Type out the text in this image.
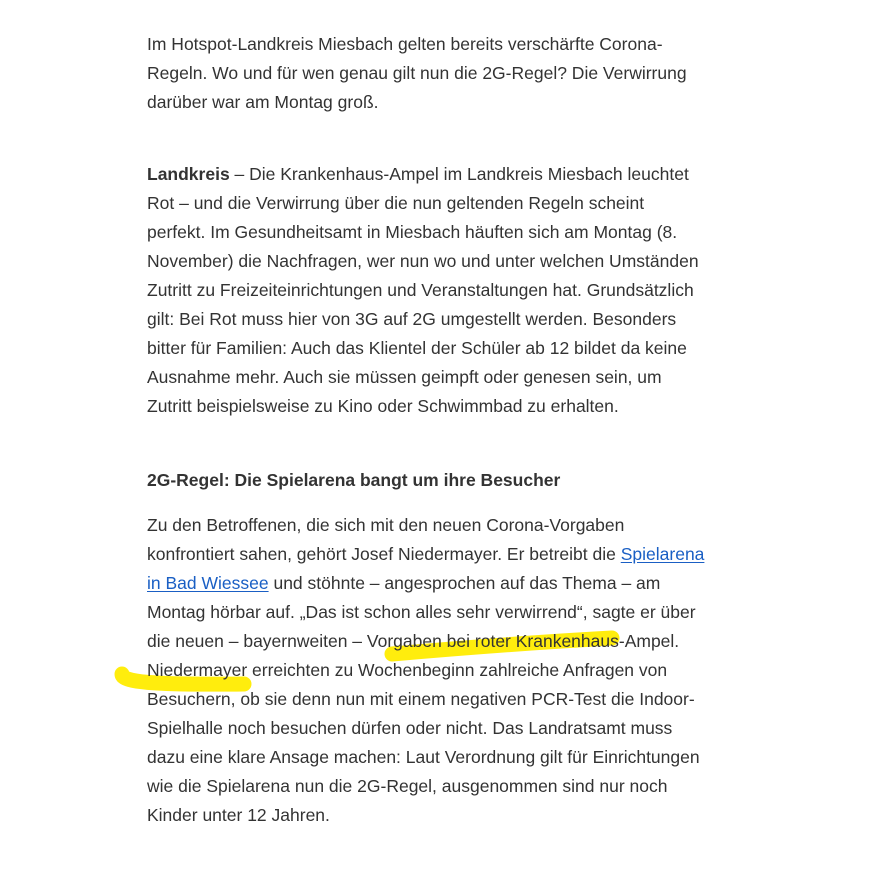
Im Hotspot-Landkreis Miesbach gelten bereits verschärfte Corona-Regeln. Wo und für wen genau gilt nun die 2G-Regel? Die Verwirrung darüber war am Montag groß.

Landkreis – Die Krankenhaus-Ampel im Landkreis Miesbach leuchtet Rot – und die Verwirrung über die nun geltenden Regeln scheint perfekt. Im Gesundheitsamt in Miesbach häuften sich am Montag (8. November) die Nachfragen, wer nun wo und unter welchen Umständen Zutritt zu Freizeiteinrichtungen und Veranstaltungen hat. Grundsätzlich gilt: Bei Rot muss hier von 3G auf 2G umgestellt werden. Besonders bitter für Familien: Auch das Klientel der Schüler ab 12 bildet da keine Ausnahme mehr. Auch sie müssen geimpft oder genesen sein, um Zutritt beispielsweise zu Kino oder Schwimmbad zu erhalten.

2G-Regel: Die Spielarena bangt um ihre Besucher

Zu den Betroffenen, die sich mit den neuen Corona-Vorgaben konfrontiert sahen, gehört Josef Niedermayer. Er betreibt die Spielarena in Bad Wiessee und stöhnte – angesprochen auf das Thema – am Montag hörbar auf. „Das ist schon alles sehr verwirrend“, sagte er über die neuen – bayernweiten – Vorgaben bei roter Krankenhaus-Ampel. Niedermayer erreichten zu Wochenbeginn zahlreiche Anfragen von Besuchern, ob sie denn nun mit einem negativen PCR-Test die Indoor-Spielhalle noch besuchen dürfen oder nicht. Das Landratsamt muss dazu eine klare Ansage machen: Laut Verordnung gilt für Einrichtungen wie die Spielarena nun die 2G-Regel, ausgenommen sind nur noch Kinder unter 12 Jahren.
